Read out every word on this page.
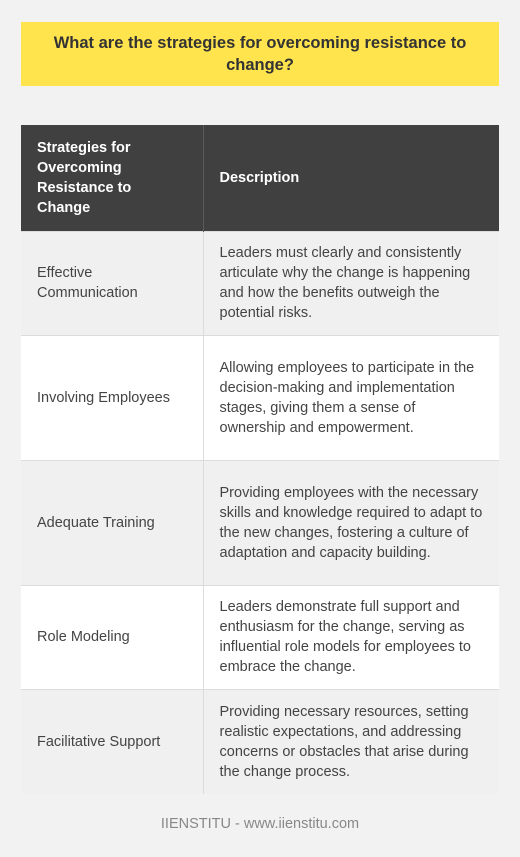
What are the strategies for overcoming resistance to change?
Strategies for Overcoming Resistance to Change	Description
Effective Communication	Leaders must clearly and consistently articulate why the change is happening and how the benefits outweigh the potential risks.
Involving Employees	Allowing employees to participate in the decision-making and implementation stages, giving them a sense of ownership and empowerment.
Adequate Training	Providing employees with the necessary skills and knowledge required to adapt to the new changes, fostering a culture of adaptation and capacity building.
Role Modeling	Leaders demonstrate full support and enthusiasm for the change, serving as influential role models for employees to embrace the change.
Facilitative Support	Providing necessary resources, setting realistic expectations, and addressing concerns or obstacles that arise during the change process.
IIENSTITU - www.iienstitu.com
